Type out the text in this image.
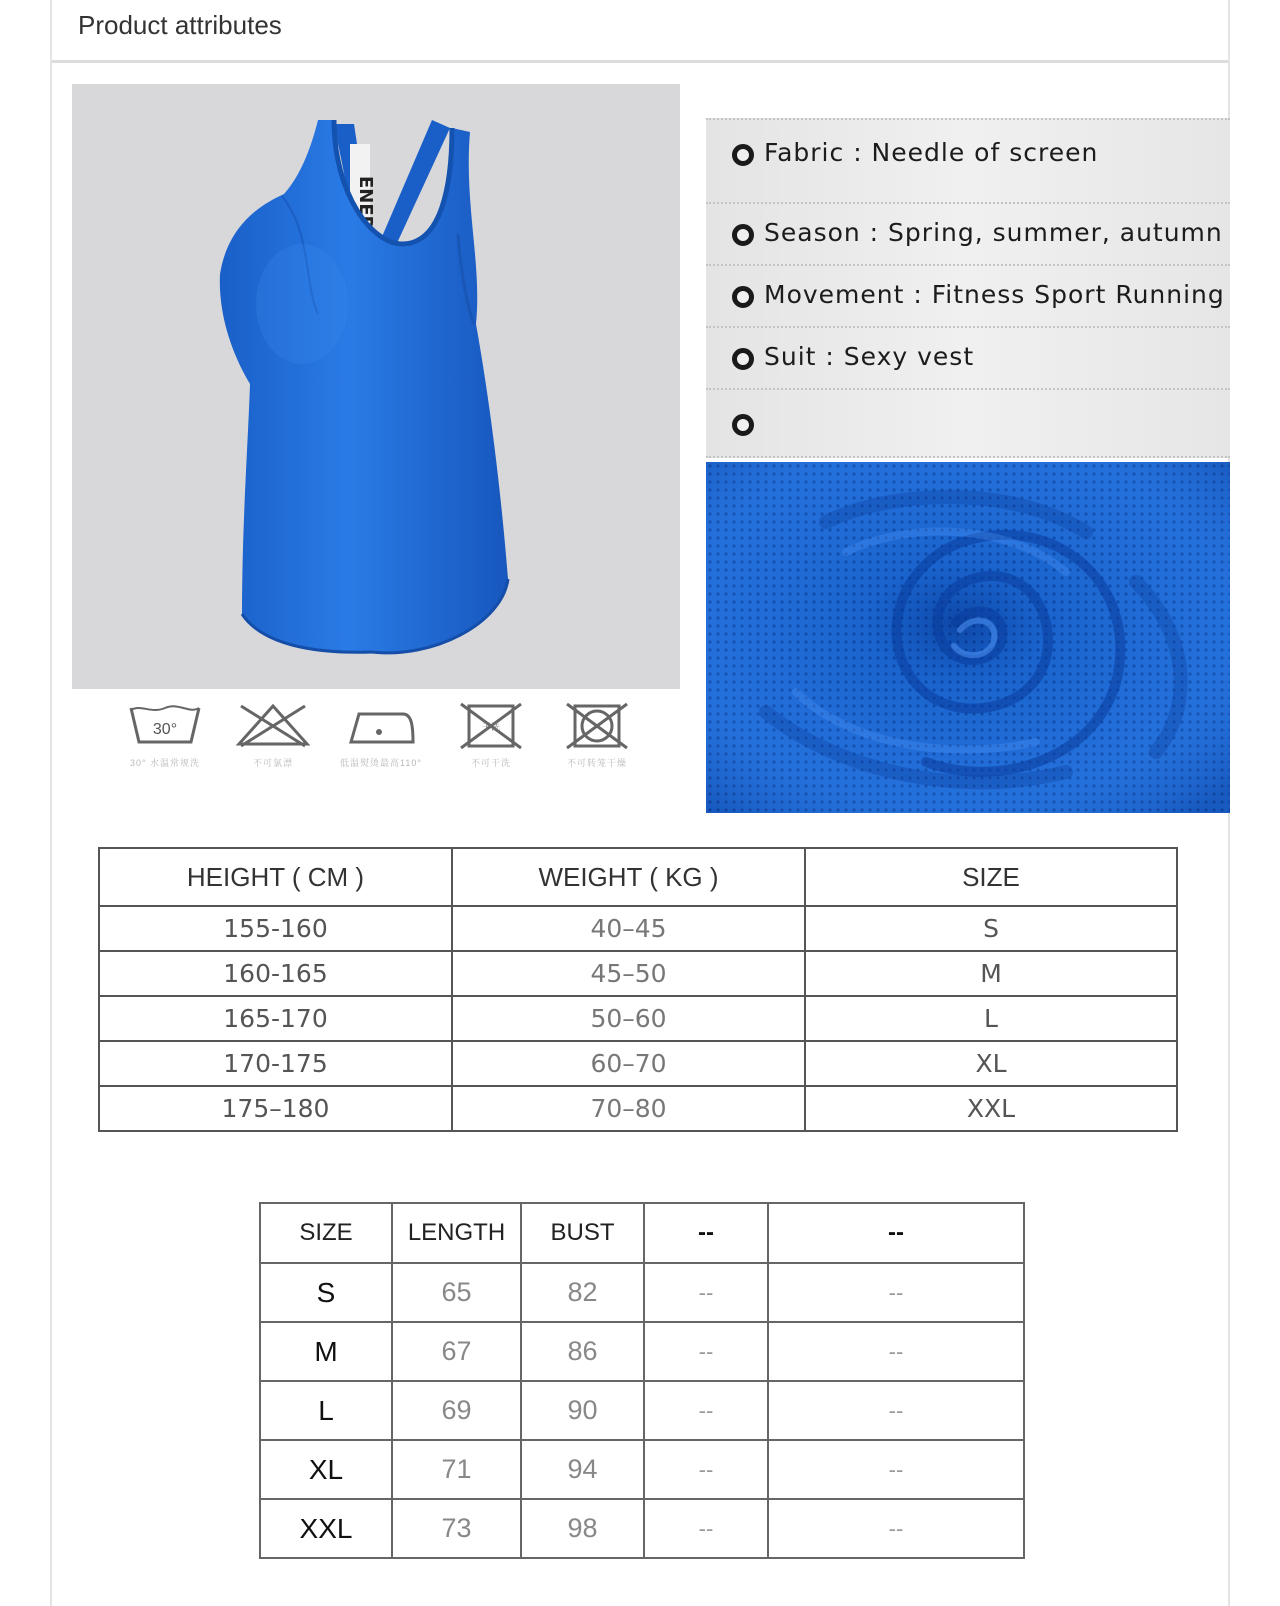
Product attributes
ENER
30°
30° 水温常规洗	不可氯漂	低温熨烫最高110°
干洗
不可干洗	不可转笼干燥
Fabric : Needle of screen
Season : Spring, summer, autumn
Movement : Fitness Sport Running
Suit : Sexy vest
HEIGHT ( CM )	WEIGHT ( KG )	SIZE
155-160	40–45	S
160-165	45–50	M
165-170	50–60	L
170-175	60–70	XL
175–180	70–80	XXL
SIZE	LENGTH	BUST	--	--
S	65	82	--	--
M	67	86	--	--
L	69	90	--	--
XL	71	94	--	--
XXL	73	98	--	--
